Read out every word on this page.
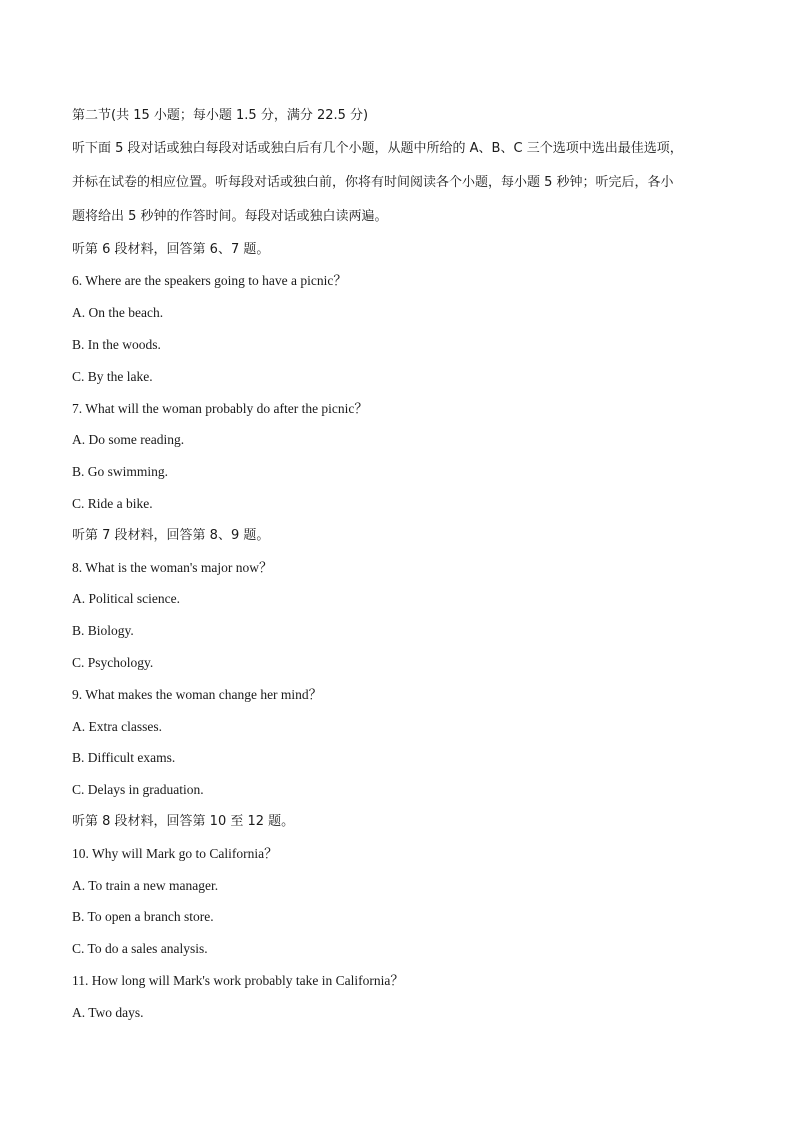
第二节(共 15 小题；每小题 1.5 分，满分 22.5 分)
听下面 5 段对话或独白每段对话或独白后有几个小题，从题中所给的 A、B、C 三个选项中选出最佳选项，
并标在试卷的相应位置。听每段对话或独白前，你将有时间阅读各个小题，每小题 5 秒钟；听完后，各小
题将给出 5 秒钟的作答时间。每段对话或独白读两遍。
听第 6 段材料，回答第 6、7 题。
6. Where are the speakers going to have a picnic？
A. On the beach.
B. In the woods.
C. By the lake.
7. What will the woman probably do after the picnic？
A. Do some reading.
B. Go swimming.
C. Ride a bike.
听第 7 段材料，回答第 8、9 题。
8. What is the woman's major now？
A. Political science.
B. Biology.
C. Psychology.
9. What makes the woman change her mind？
A. Extra classes.
B. Difficult exams.
C. Delays in graduation.
听第 8 段材料，回答第 10 至 12 题。
10. Why will Mark go to California？
A. To train a new manager.
B. To open a branch store.
C. To do a sales analysis.
11. How long will Mark's work probably take in California？
A. Two days.
